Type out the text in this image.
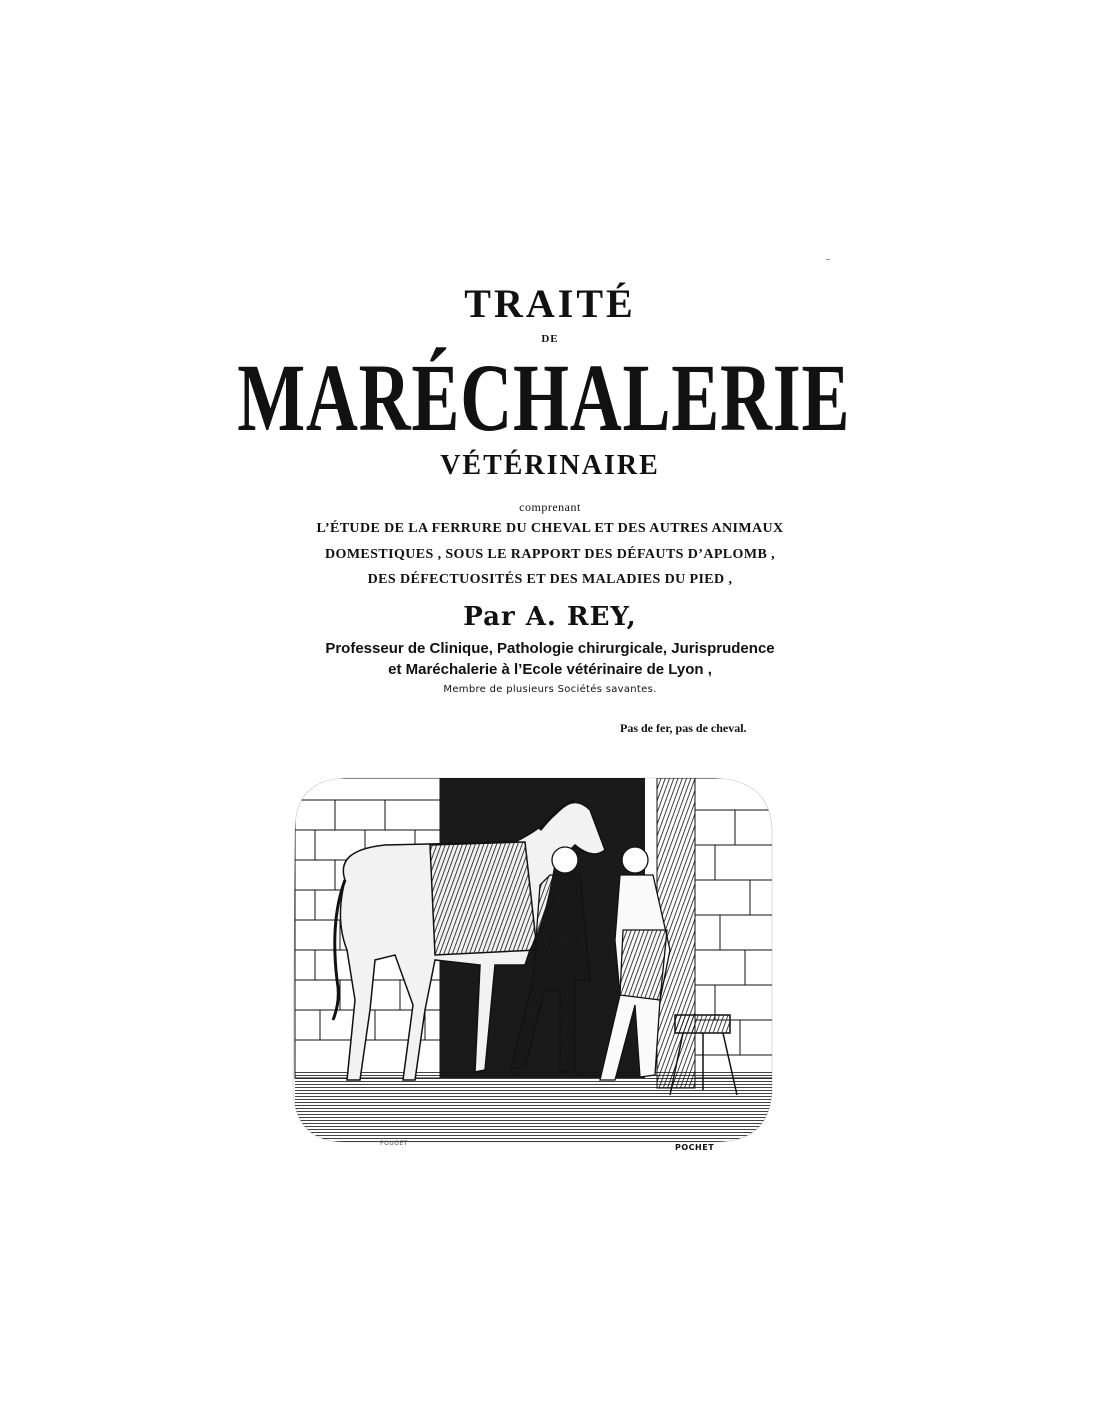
TRAITÉ
DE
MARÉCHALERIE
VÉTÉRINAIRE
comprenant
L’ÉTUDE DE LA FERRURE DU CHEVAL ET DES AUTRES ANIMAUX
DOMESTIQUES , SOUS LE RAPPORT DES DÉFAUTS D’APLOMB ,
DES DÉFECTUOSITÉS ET DES MALADIES DU PIED ,
Par A. REY,
Professeur de Clinique, Pathologie chirurgicale, Jurisprudence
et Maréchalerie à l’Ecole vétérinaire de Lyon ,
Membre de plusieurs Sociétés savantes.
Pas de fer, pas de cheval.
POUGET	POCHET
